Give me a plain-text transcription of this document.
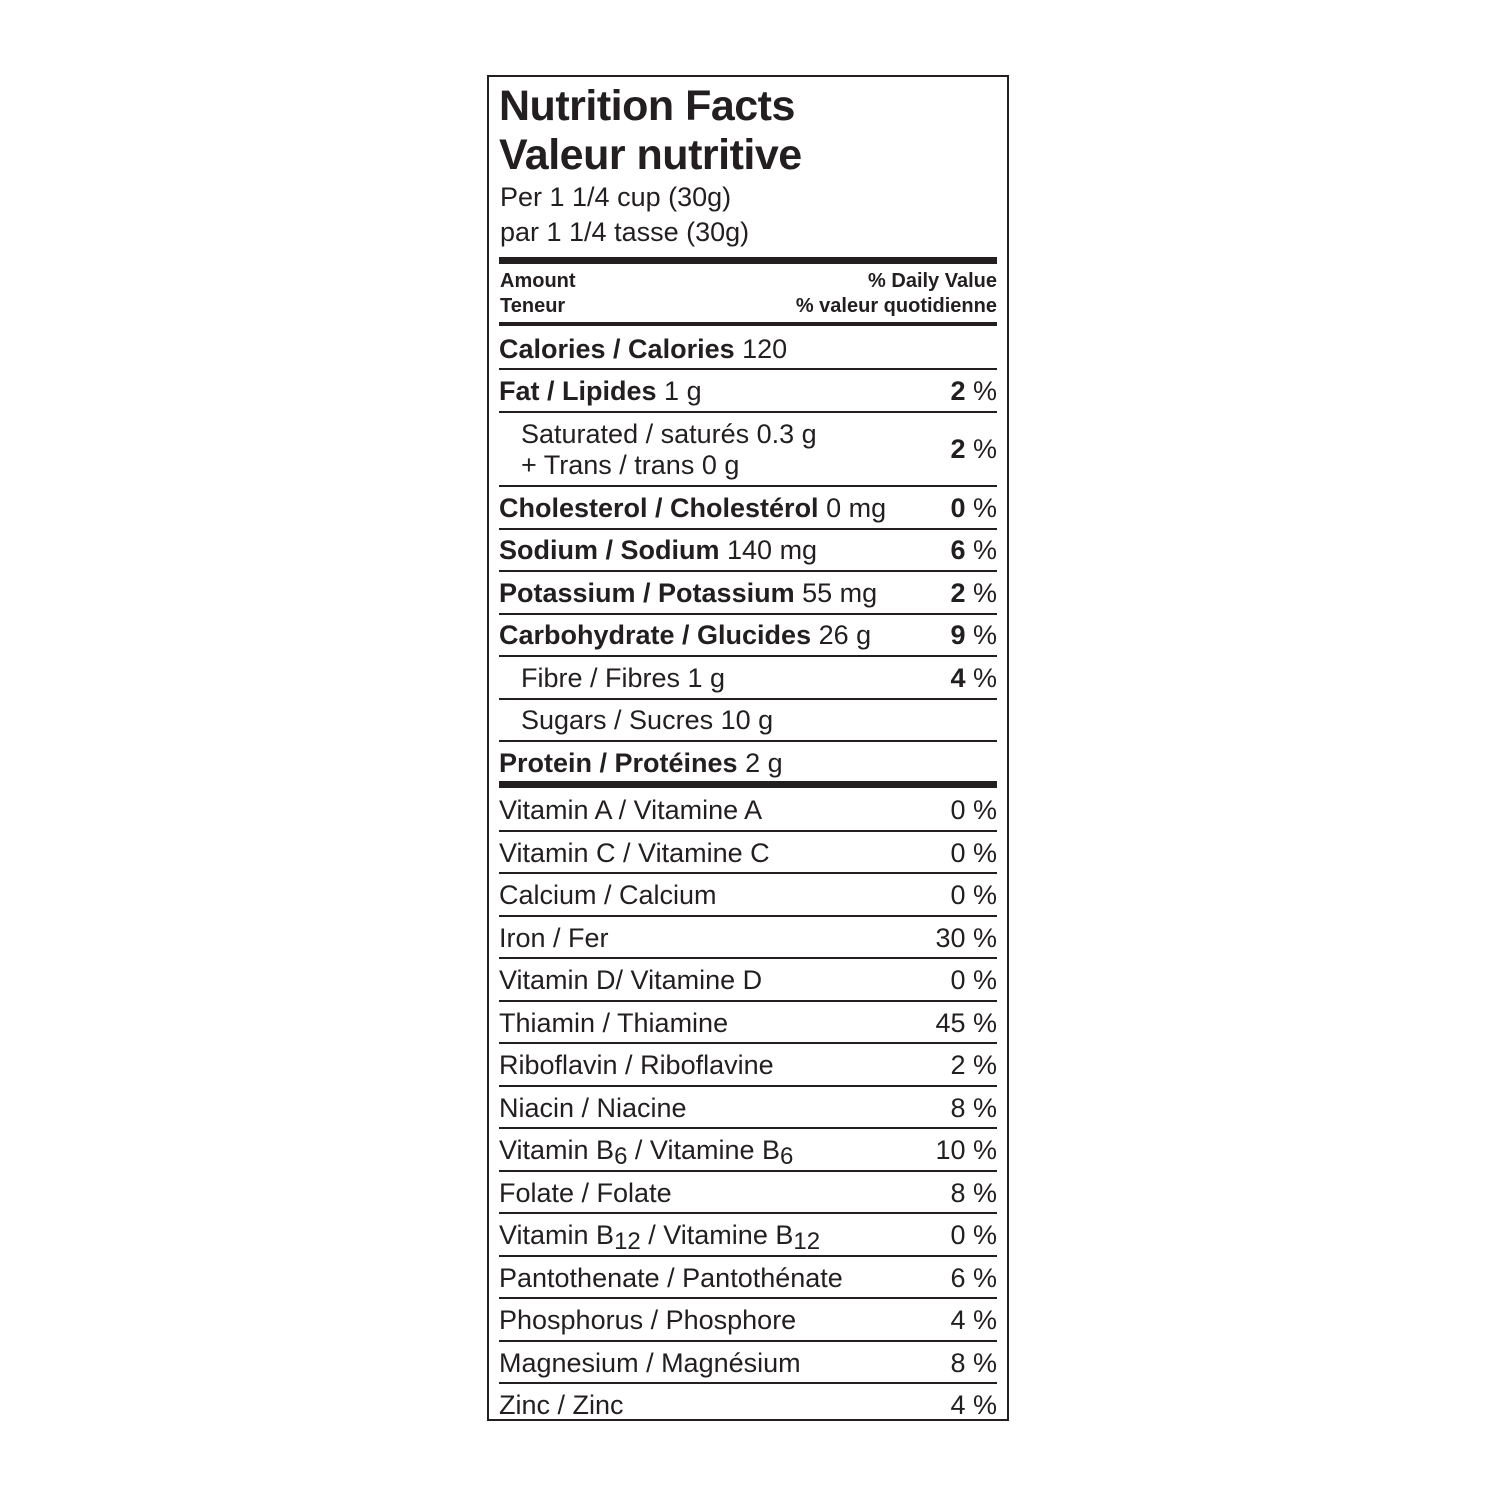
Nutrition Facts
Valeur nutritive
Per 1 1/4 cup (30g)
par 1 1/4 tasse (30g)
Amount	% Daily Value
Teneur	% valeur quotidienne
Calories / Calories 120
Fat / Lipides 1 g	2 %
Saturated / saturés 0.3 g
+ Trans / trans 0 g
2 %
Cholesterol / Cholestérol 0 mg 0 %
Sodium / Sodium 140 mg	6 %
Potassium / Potassium 55 mg	2 %
Carbohydrate / Glucides 26 g	9 %
Fibre / Fibres 1 g	4 %
Sugars / Sucres 10 g
Protein / Protéines 2 g
Vitamin A / Vitamine A	0 %
Vitamin C / Vitamine C	0 %
Calcium / Calcium	0 %
Iron / Fer	30 %
Vitamin D/ Vitamine D	0 %
Thiamin / Thiamine	45 %
Riboflavin / Riboflavine	2 %
Niacin / Niacine	8 %
Vitamin B6 / Vitamine B6	10 %
Folate / Folate	8 %
Vitamin B12 / Vitamine B12	0 %
Pantothenate / Pantothénate	6 %
Phosphorus / Phosphore	4 %
Magnesium / Magnésium	8 %
Zinc / Zinc	4 %
